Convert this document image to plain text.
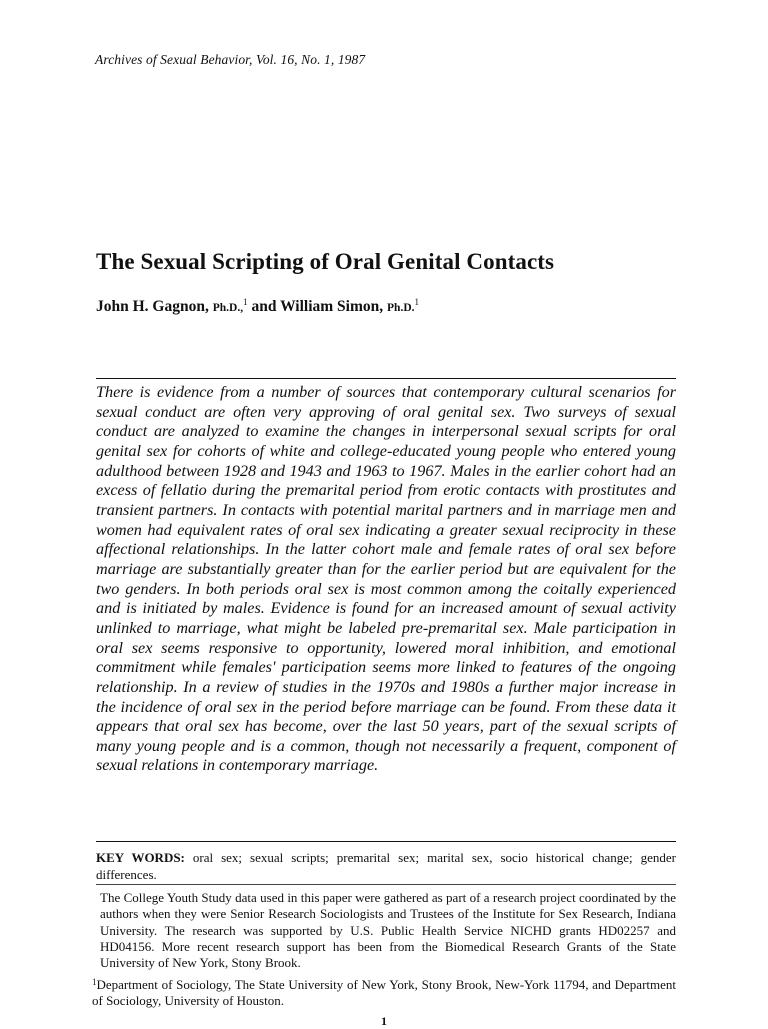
Archives of Sexual Behavior, Vol. 16, No. 1, 1987
The Sexual Scripting of Oral Genital Contacts
John H. Gagnon, Ph.D.,$^1$ and William Simon, Ph.D.$^1$

There is evidence from a number of sources that contemporary cultural scenarios for sexual conduct are often very approving of oral genital sex. Two surveys of sexual conduct are analyzed to examine the changes in interpersonal sexual scripts for oral genital sex for cohorts of white and college-educated young people who entered young adulthood between 1928 and 1943 and 1963 to 1967. Males in the earlier cohort had an excess of fellatio during the premarital period from erotic contacts with prostitutes and transient partners. In contacts with potential marital partners and in marriage men and women had equivalent rates of oral sex indicating a greater sexual reciprocity in these affectional relationships. In the latter cohort male and female rates of oral sex before marriage are substantially greater than for the earlier period but are equivalent for the two genders. In both periods oral sex is most common among the coitally experienced and is initiated by males. Evidence is found for an increased amount of sexual activity unlinked to marriage, what might be labeled pre-premarital sex. Male participation in oral sex seems responsive to opportunity, lowered moral inhibition, and emotional commitment while females' participation seems more linked to features of the ongoing relationship. In a review of studies in the 1970s and 1980s a further major increase in the incidence of oral sex in the period before marriage can be found. From these data it appears that oral sex has become, over the last 50 years, part of the sexual scripts of many young people and is a common, though not necessarily a frequent, component of sexual relations in contemporary marriage.

KEY WORDS: oral sex; sexual scripts; premarital sex; marital sex, socio historical change; gender differences.

The College Youth Study data used in this paper were gathered as part of a research project coordinated by the authors when they were Senior Research Sociologists and Trustees of the Institute for Sex Research, Indiana University. The research was supported by U.S. Public Health Service NICHD grants HD02257 and HD04156. More recent research support has been from the Biomedical Research Grants of the State University of New York, Stony Brook.

$^1$Department of Sociology, The State University of New York, Stony Brook, New-York 11794, and Department of Sociology, University of Houston.

1
